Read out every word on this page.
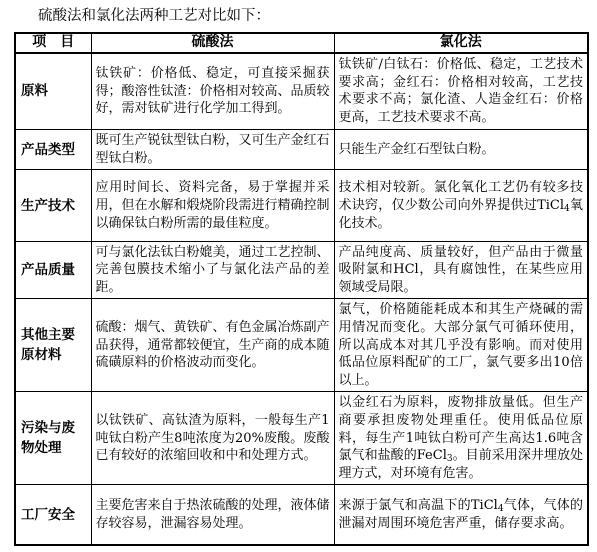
硫酸法和氯化法两种工艺对比如下：
项　目	硫酸法	氯化法
原料	钛铁矿：价格低、稳定，可直接采掘获得；酸溶性钛渣：价格相对较高、品质较好，需对钛矿进行化学加工得到。	钛铁矿/白钛石：价格低、稳定，工艺技术要求高；金红石：价格相对较高，工艺技术要求不高；氯化渣、人造金红石：价格更高，工艺技术要求不高。
产品类型	既可生产锐钛型钛白粉，又可生产金红石型钛白粉。	只能生产金红石型钛白粉。
生产技术	应用时间长、资料完备，易于掌握并采用，但在水解和煅烧阶段需进行精确控制以确保钛白粉所需的最佳粒度。	技术相对较新。氯化氧化工艺仍有较多技术诀窍，仅少数公司向外界提供过TiCl$_4$氧化技术。
产品质量	可与氯化法钛白粉媲美，通过工艺控制、完善包膜技术缩小了与氯化法产品的差距。	产品纯度高、质量较好，但产品由于微量吸附氯和HCl，具有腐蚀性，在某些应用领域受局限。
其他主要原材料	硫酸：烟气、黄铁矿、有色金属冶炼副产品获得，通常都较便宜，生产商的成本随硫磺原料的价格波动而变化。	氯气，价格随能耗成本和其生产烧碱的需用情况而变化。大部分氯气可循环使用，所以高成本对其几乎没有影响。而对使用低品位原料配矿的工厂，氯气要多出10倍以上。
污染与废物处理	以钛铁矿、高钛渣为原料，一般每生产1吨钛白粉产生8吨浓度为20%废酸。废酸已有较好的浓缩回收和中和处理方式。	以金红石为原料，废物排放量低。但生产商要承担废物处理重任。使用低品位原料，每生产1吨钛白粉可产生高达1.6吨含氯气和盐酸的FeCl$_3$。目前采用深井埋放处理方式，对环境有危害。
工厂安全	主要危害来自于热浓硫酸的处理，液体储存较容易，泄漏容易处理。	来源于氯气和高温下的TiCl$_4$气体，气体的泄漏对周围环境危害严重，储存要求高。
